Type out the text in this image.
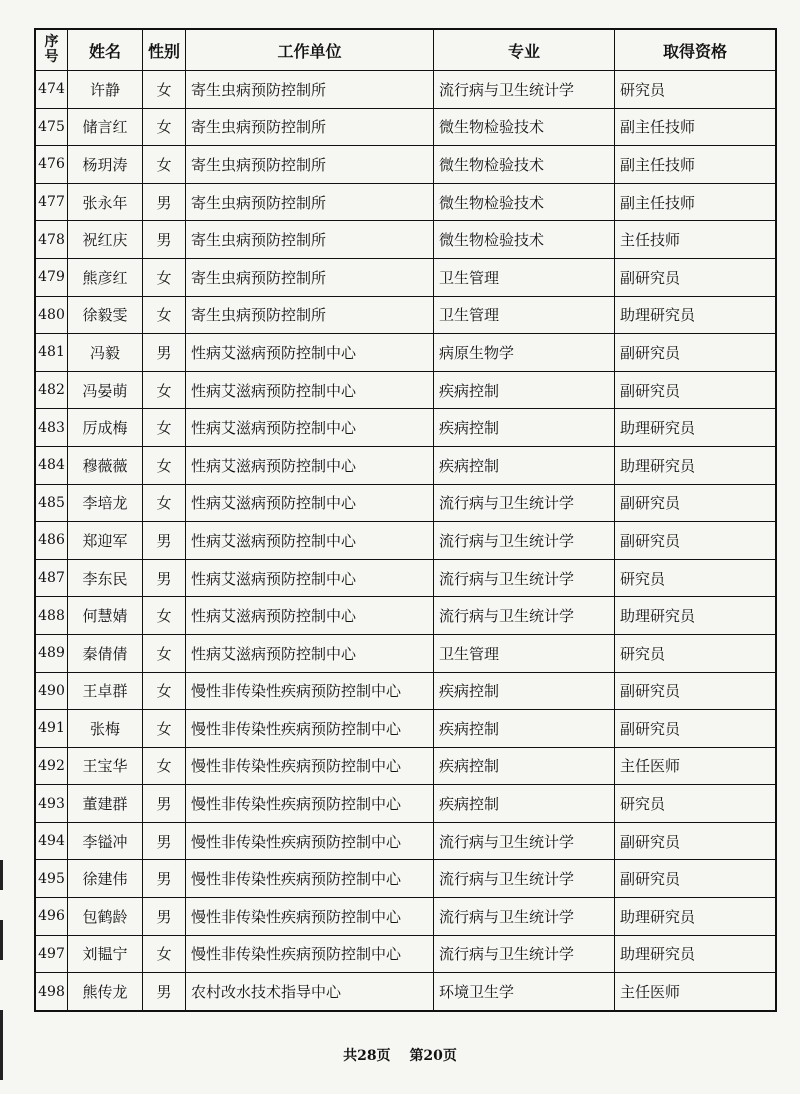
序
号	姓名	性别	工作单位	专业	取得资格
474	许静	女	寄生虫病预防控制所	流行病与卫生统计学	研究员
475	储言红	女	寄生虫病预防控制所	微生物检验技术	副主任技师
476	杨玥涛	女	寄生虫病预防控制所	微生物检验技术	副主任技师
477	张永年	男	寄生虫病预防控制所	微生物检验技术	副主任技师
478	祝红庆	男	寄生虫病预防控制所	微生物检验技术	主任技师
479	熊彦红	女	寄生虫病预防控制所	卫生管理	副研究员
480	徐毅雯	女	寄生虫病预防控制所	卫生管理	助理研究员
481	冯毅	男	性病艾滋病预防控制中心	病原生物学	副研究员
482	冯晏萌	女	性病艾滋病预防控制中心	疾病控制	副研究员
483	厉成梅	女	性病艾滋病预防控制中心	疾病控制	助理研究员
484	穆薇薇	女	性病艾滋病预防控制中心	疾病控制	助理研究员
485	李培龙	女	性病艾滋病预防控制中心	流行病与卫生统计学	副研究员
486	郑迎军	男	性病艾滋病预防控制中心	流行病与卫生统计学	副研究员
487	李东民	男	性病艾滋病预防控制中心	流行病与卫生统计学	研究员
488	何慧婧	女	性病艾滋病预防控制中心	流行病与卫生统计学	助理研究员
489	秦倩倩	女	性病艾滋病预防控制中心	卫生管理	研究员
490	王卓群	女	慢性非传染性疾病预防控制中心	疾病控制	副研究员
491	张梅	女	慢性非传染性疾病预防控制中心	疾病控制	副研究员
492	王宝华	女	慢性非传染性疾病预防控制中心	疾病控制	主任医师
493	董建群	男	慢性非传染性疾病预防控制中心	疾病控制	研究员
494	李镒冲	男	慢性非传染性疾病预防控制中心	流行病与卫生统计学	副研究员
495	徐建伟	男	慢性非传染性疾病预防控制中心	流行病与卫生统计学	副研究员
496	包鹤龄	男	慢性非传染性疾病预防控制中心	流行病与卫生统计学	助理研究员
497	刘韫宁	女	慢性非传染性疾病预防控制中心	流行病与卫生统计学	助理研究员
498	熊传龙	男	农村改水技术指导中心	环境卫生学	主任医师
共28页 第20页
